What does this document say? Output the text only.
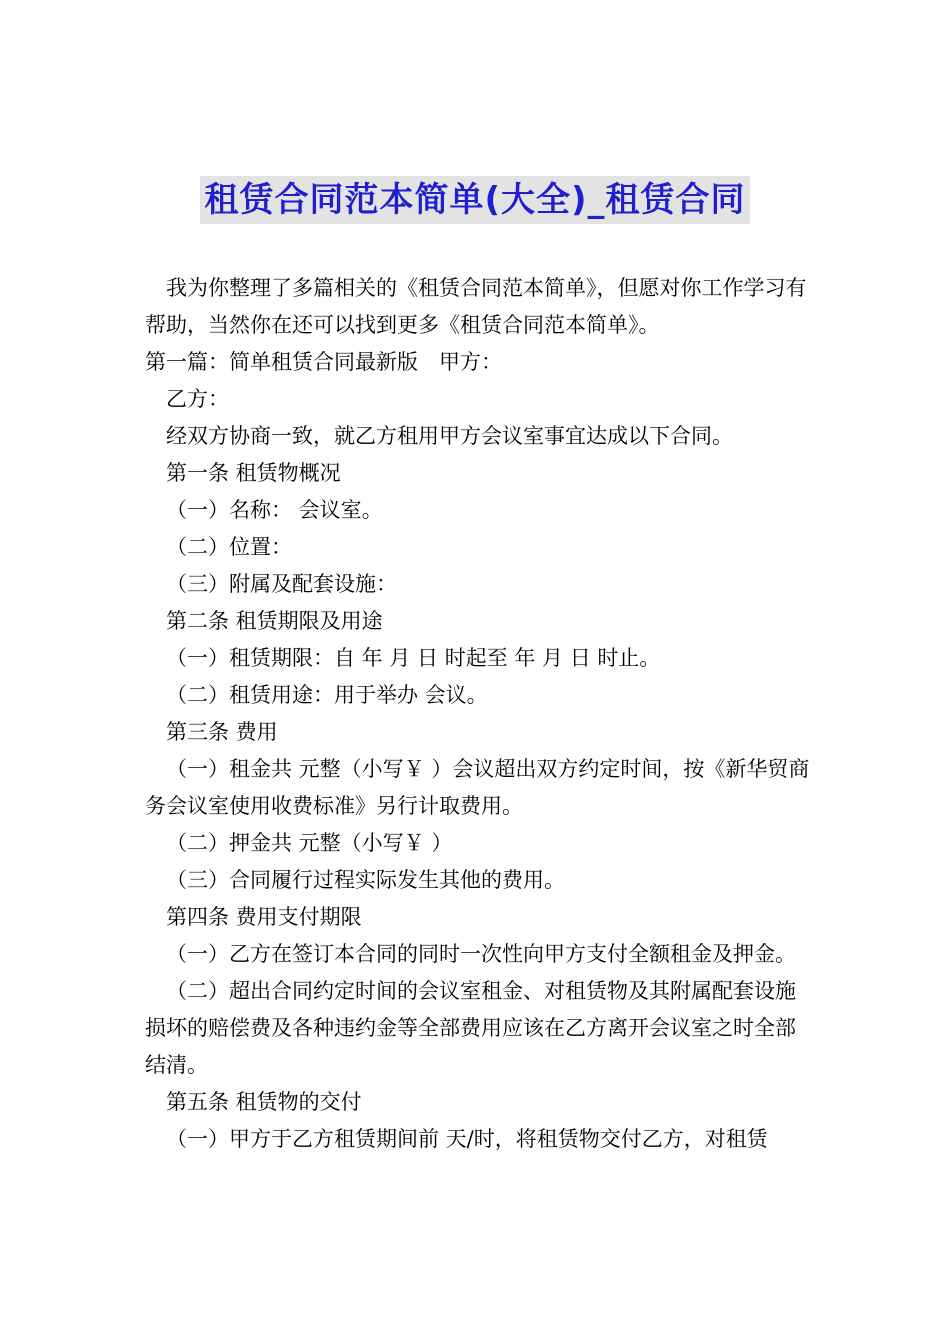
租赁合同范本简单(大全)_租赁合同

我为你整理了多篇相关的《租赁合同范本简单》，但愿对你工作学习有帮助，当然你在还可以找到更多《租赁合同范本简单》。

第一篇：简单租赁合同最新版　甲方：

乙方：

经双方协商一致，就乙方租用甲方会议室事宜达成以下合同。

第一条 租赁物概况

（一）名称： 会议室。

（二）位置：

（三）附属及配套设施：

第二条 租赁期限及用途

（一）租赁期限：自 年 月 日 时起至 年 月 日 时止。

（二）租赁用途：用于举办 会议。

第三条 费用

（一）租金共 元整（小写￥ ）会议超出双方约定时间，按《新华贸商务会议室使用收费标准》另行计取费用。

（二）押金共 元整（小写￥ ）

（三）合同履行过程实际发生其他的费用。

第四条 费用支付期限

（一）乙方在签订本合同的同时一次性向甲方支付全额租金及押金。

（二）超出合同约定时间的会议室租金、对租赁物及其附属配套设施损坏的赔偿费及各种违约金等全部费用应该在乙方离开会议室之时全部结清。

第五条 租赁物的交付

（一）甲方于乙方租赁期间前 天/时，将租赁物交付乙方，对租赁
